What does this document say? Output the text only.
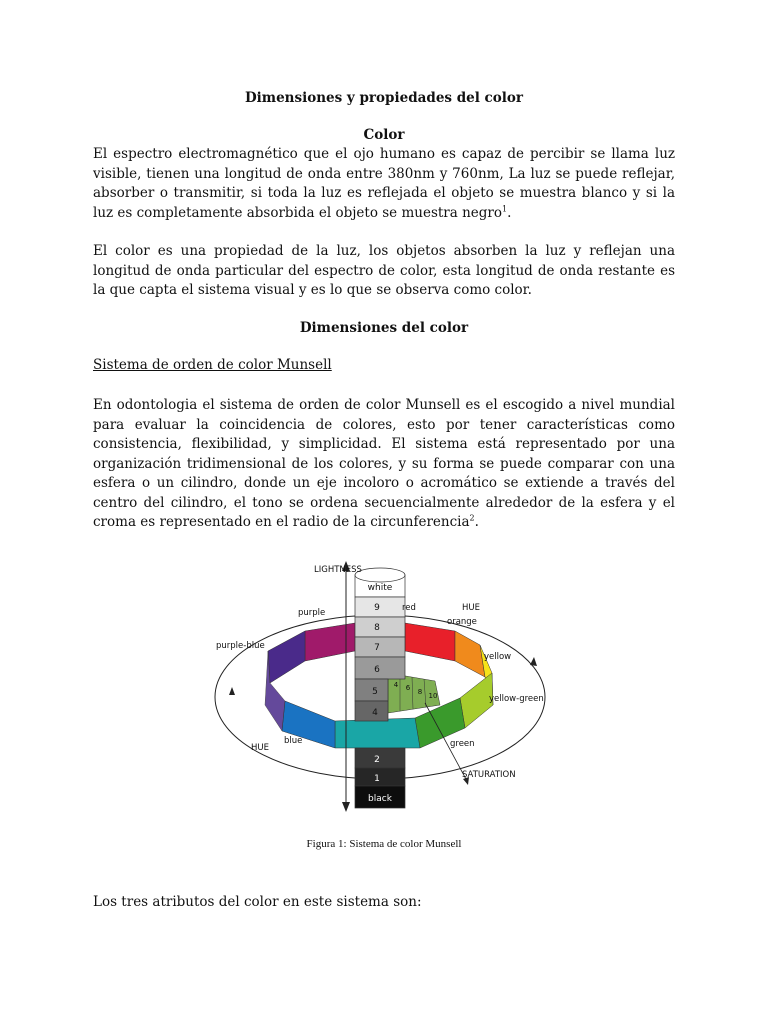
Dimensiones y propiedades del color
Color

El espectro electromagnético que el ojo humano es capaz de percibir se llama luz visible, tienen una longitud de onda entre 380nm y 760nm, La luz se puede reflejar, absorber o transmitir, si toda la luz es reflejada el objeto se muestra blanco y si la luz es completamente absorbida el objeto se muestra negro$^1$.

El color es una propiedad de la luz, los objetos absorben la luz y reflejan una longitud de onda particular del espectro de color, esta longitud de onda restante es la que capta el sistema visual y es lo que se observa como color.

Dimensiones del color
Sistema de orden de color Munsell

En odontologia el sistema de orden de color Munsell es el escogido a nivel mundial para evaluar la coincidencia de colores, esto por tener características como consistencia, flexibilidad, y simplicidad. El sistema está representado por una organización tridimensional de los colores, y su forma se puede comparar con una esfera o un cilindro, donde un eje incoloro o acromático se extiende a través del centro del cilindro, el tono se ordena secuencialmente alrededor de la esfera y el croma es representado en el radio de la circunferencia$^2$.

white
9
8
7
6
5
4
2
1
black
4 6 8 10
LIGHTNESS
HUE
HUE
SATURATION
red
orange
yellow
yellow-green
green
blue
purple-blue
purple
Figura 1: Sistema de color Munsell

Los tres atributos del color en este sistema son:
